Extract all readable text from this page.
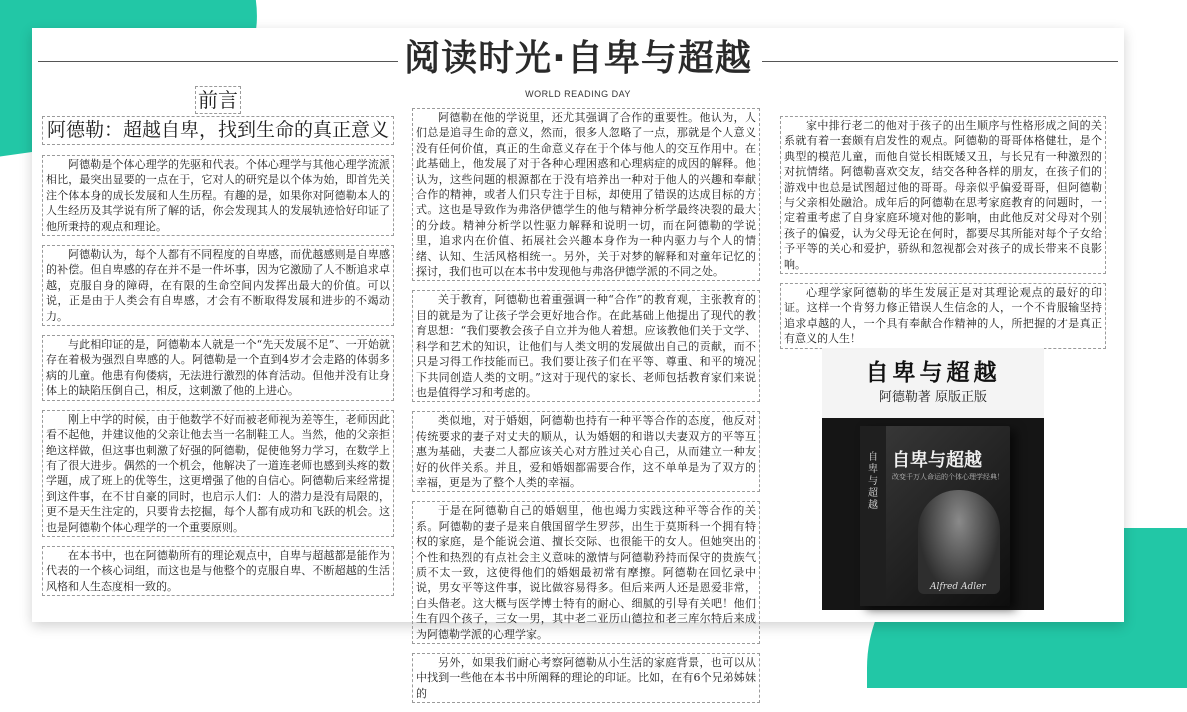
阅读时光·自卑与超越
WORLD READING DAY
前言
阿德勒：超越自卑，找到生命的真正意义

阿德勒是个体心理学的先驱和代表。个体心理学与其他心理学流派相比，最突出显要的一点在于，它对人的研究是以个体为始，即首先关注个体本身的成长发展和人生历程。有趣的是，如果你对阿德勒本人的人生经历及其学说有所了解的话，你会发现其人的发展轨迹恰好印证了他所秉持的观点和理论。

阿德勒认为，每个人都有不同程度的自卑感，而优越感则是自卑感的补偿。但自卑感的存在并不是一件坏事，因为它激励了人不断追求卓越，克服自身的障碍，在有限的生命空间内发挥出最大的价值。可以说，正是由于人类会有自卑感，才会有不断取得发展和进步的不竭动力。

与此相印证的是，阿德勒本人就是一个“先天发展不足”、一开始就存在着极为强烈自卑感的人。阿德勒是一个直到4岁才会走路的体弱多病的儿童。他患有佝偻病，无法进行激烈的体育活动。但他并没有让身体上的缺陷压倒自己，相反，这刺激了他的上进心。

刚上中学的时候，由于他数学不好而被老师视为差等生，老师因此看不起他，并建议他的父亲让他去当一名制鞋工人。当然，他的父亲拒绝这样做，但这事也刺激了好强的阿德勒，促使他努力学习，在数学上有了很大进步。偶然的一个机会，他解决了一道连老师也感到头疼的数学题，成了班上的优等生，这更增强了他的自信心。阿德勒后来经常提到这件事，在不甘自豪的同时，也启示人们：人的潜力是没有局限的，更不是天生注定的，只要肯去挖掘，每个人都有成功和飞跃的机会。这也是阿德勒个体心理学的一个重要原则。

在本书中，也在阿德勒所有的理论观点中，自卑与超越都是能作为代表的一个核心词组，而这也是与他整个的克服自卑、不断超越的生活风格和人生态度相一致的。

阿德勒在他的学说里，还尤其强调了合作的重要性。他认为，人们总是追寻生命的意义，然而，很多人忽略了一点，那就是个人意义没有任何价值，真正的生命意义存在于个体与他人的交互作用中。在此基础上，他发展了对于各种心理困惑和心理病症的成因的解释。他认为，这些问题的根源都在于没有培养出一种对于他人的兴趣和奉献合作的精神，或者人们只专注于目标，却使用了错误的达成目标的方式。这也是导致作为弗洛伊德学生的他与精神分析学最终决裂的最大的分歧。精神分析学以性驱力解释和说明一切，而在阿德勒的学说里，追求内在价值、拓展社会兴趣本身作为一种内驱力与个人的情绪、认知、生活风格相统一。另外，关于对梦的解释和对童年记忆的探讨，我们也可以在本书中发现他与弗洛伊德学派的不同之处。

关于教育，阿德勒也着重强调一种“合作”的教育观，主张教育的目的就是为了让孩子学会更好地合作。在此基础上他提出了现代的教育思想：“我们要教会孩子自立并为他人着想。应该教他们关于文学、科学和艺术的知识，让他们与人类文明的发展做出自己的贡献，而不只是习得工作技能而已。我们要让孩子们在平等、尊重、和平的境况下共同创造人类的文明。”这对于现代的家长、老师包括教育家们来说也是值得学习和考虑的。

类似地，对于婚姻，阿德勒也持有一种平等合作的态度，他反对传统要求的妻子对丈夫的顺从，认为婚姻的和谐以夫妻双方的平等互惠为基础，夫妻二人都应该关心对方胜过关心自己，从而建立一种友好的伙伴关系。并且，爱和婚姻都需要合作，这不单单是为了双方的幸福，更是为了整个人类的幸福。

于是在阿德勒自己的婚姻里，他也竭力实践这种平等合作的关系。阿德勒的妻子是来自俄国留学生罗莎，出生于莫斯科一个拥有特权的家庭，是个能说会道、擅长交际、也很能干的女人。但她突出的个性和热烈的有点社会主义意味的激情与阿德勒矜持而保守的贵族气质不太一致，这使得他们的婚姻最初常有摩擦。阿德勒在回忆录中说，男女平等这件事，说比做容易得多。但后来两人还是恩爱非常，白头偕老。这大概与医学博士特有的耐心、细腻的引导有关吧！他们生有四个孩子，三女一男，其中老二亚历山德拉和老三库尔特后来成为阿德勒学派的心理学家。

另外，如果我们耐心考察阿德勒从小生活的家庭背景，也可以从中找到一些他在本书中所阐释的理论的印证。比如，在有6个兄弟姊妹的

家中排行老二的他对于孩子的出生顺序与性格形成之间的关系就有着一套颇有启发性的观点。阿德勒的哥哥体格健壮，是个典型的模范儿童，而他自觉长相既矮又丑，与长兄有一种激烈的对抗情绪。阿德勒喜欢交友，结交各种各样的朋友，在孩子们的游戏中也总是试图超过他的哥哥。母亲似乎偏爱哥哥，但阿德勒与父亲相处融洽。成年后的阿德勒在思考家庭教育的问题时，一定着重考虑了自身家庭环境对他的影响，由此他反对父母对个别孩子的偏爱，认为父母无论在何时，都要尽其所能对每个子女给予平等的关心和爱护，骄纵和忽视都会对孩子的成长带来不良影响。

心理学家阿德勒的毕生发展正是对其理论观点的最好的印证。这样一个肯努力修正错误人生信念的人，一个不肯服输坚持追求卓越的人，一个具有奉献合作精神的人，所把握的才是真正有意义的人生！

自卑与超越
阿德勒著 原版正版
自卑与超越
自卑与超越
改变千万人命运的个体心理学经典！
Alfred Adler
